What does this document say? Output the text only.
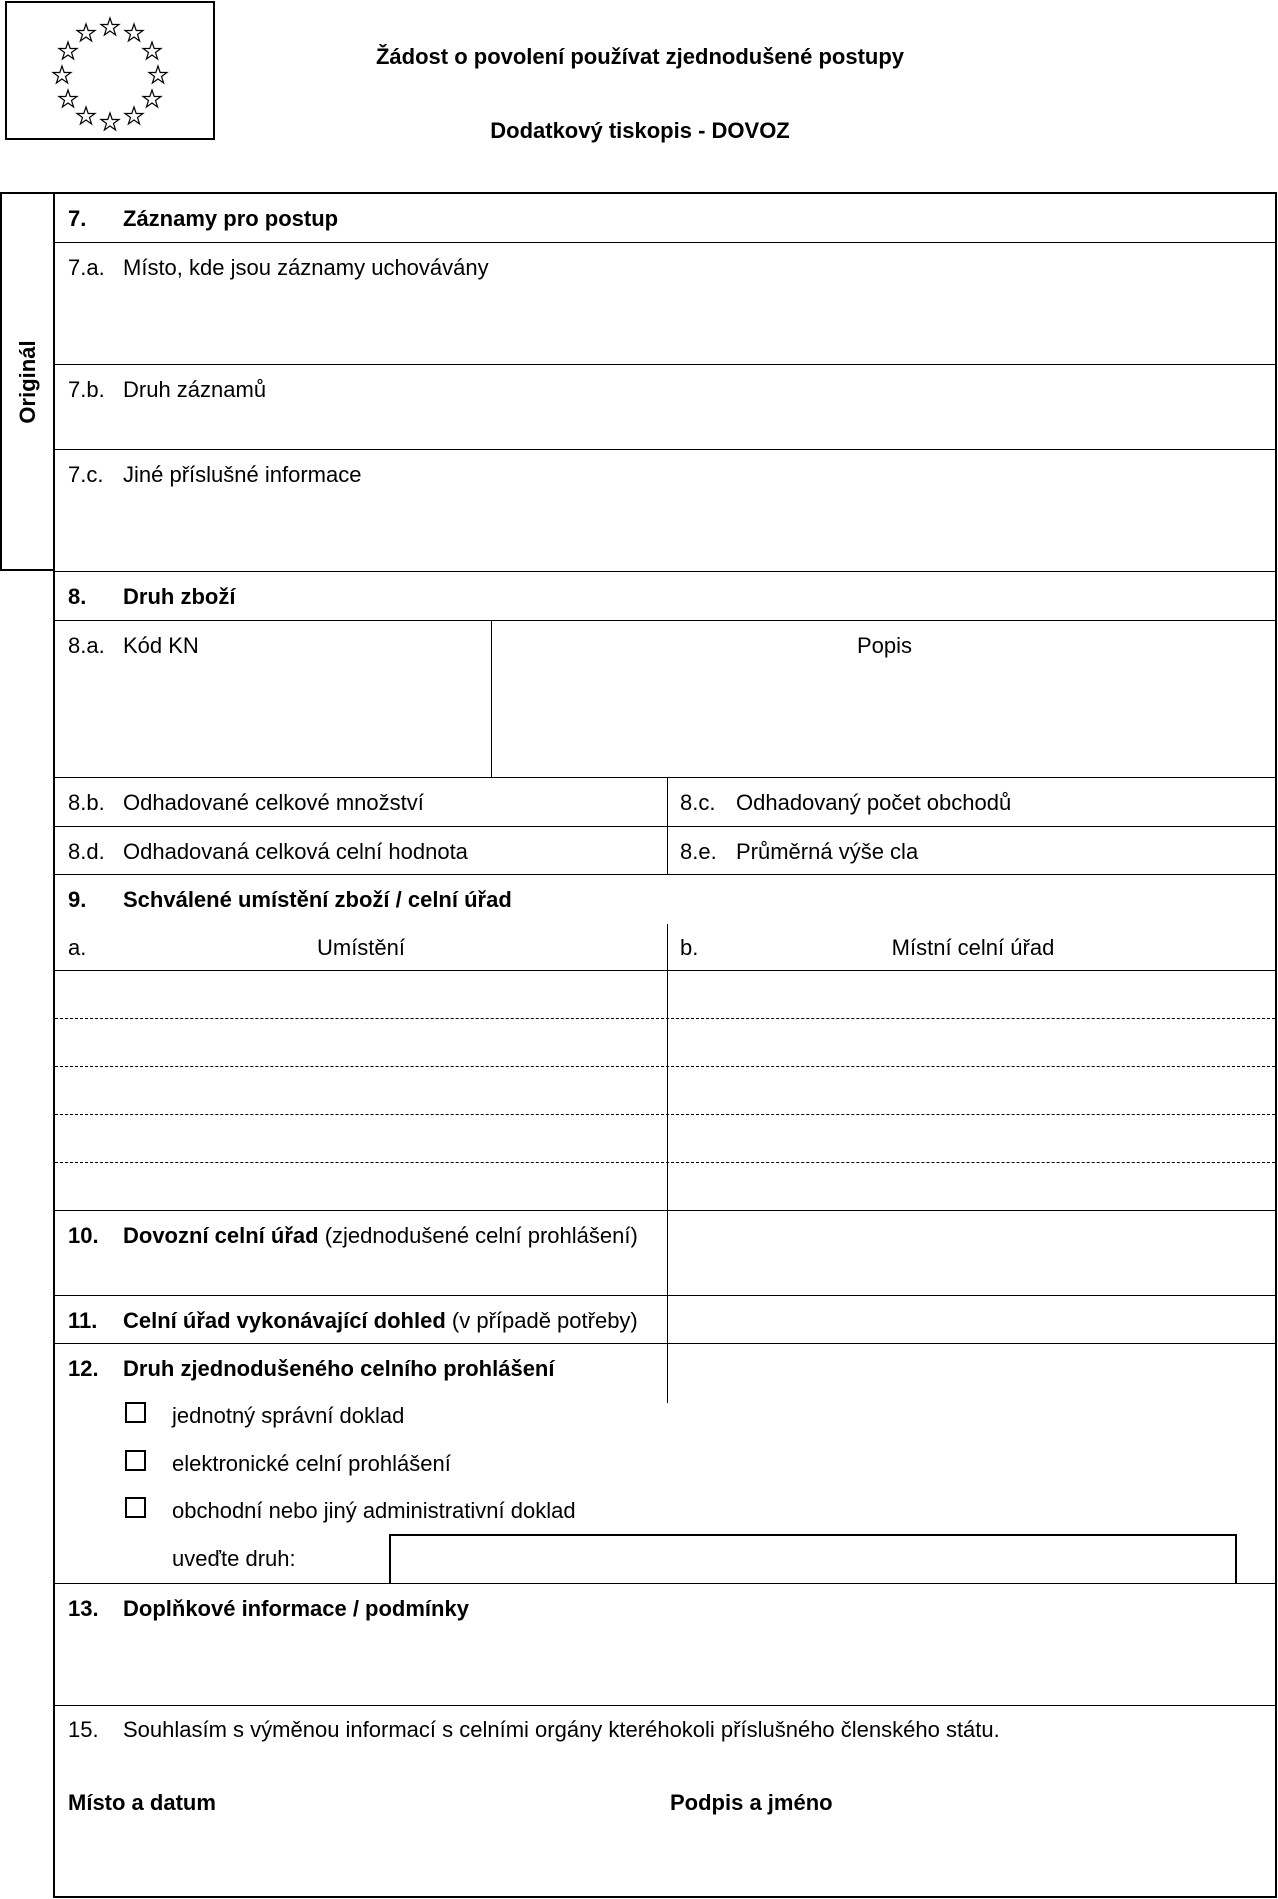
Žádost o povolení používat zjednodušené postupy
Dodatkový tiskopis - DOVOZ
Originál
7. Záznamy pro postup
7.a. Místo, kde jsou záznamy uchovávány
7.b. Druh záznamů
7.c. Jiné příslušné informace
8. Druh zboží
8.a. Kód KN	Popis
8.b. Odhadované celkové množství	8.c. Odhadovaný počet obchodů
8.d. Odhadovaná celková celní hodnota	8.e. Průměrná výše cla
9. Schválené umístění zboží / celní úřad
a.	Umístění	b.	Místní celní úřad
10. Dovozní celní úřad (zjednodušené celní prohlášení)
11. Celní úřad vykonávající dohled (v případě potřeby)
12. Druh zjednodušeného celního prohlášení
jednotný správní doklad
elektronické celní prohlášení
obchodní nebo jiný administrativní doklad
uveďte druh:
13. Doplňkové informace / podmínky
15. Souhlasím s výměnou informací s celními orgány kteréhokoli příslušného členského státu.
Místo a datum	Podpis a jméno
